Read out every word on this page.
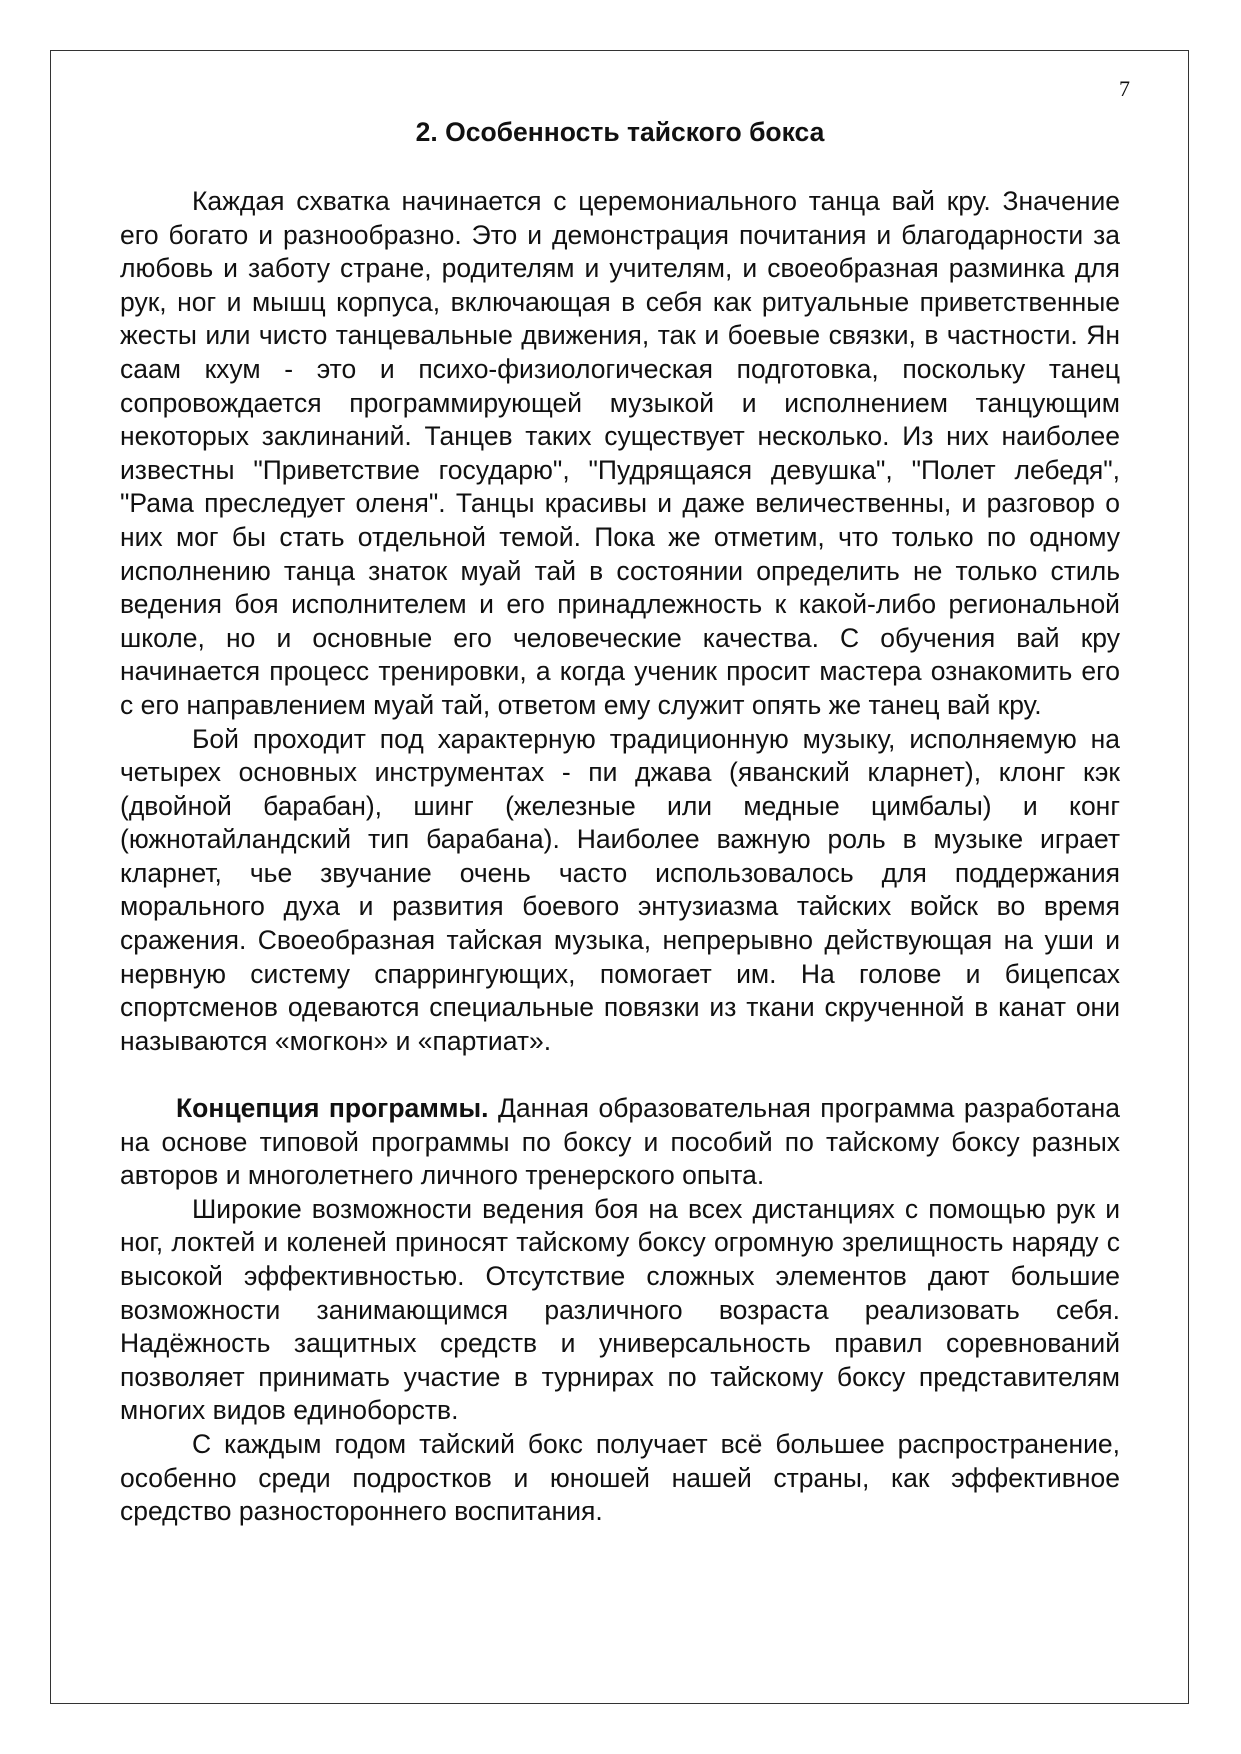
7
2. Особенность тайского бокса

Каждая схватка начинается с церемониального танца вай кру. Значение его богато и разнообразно. Это и демонстрация почитания и благодарности за любовь и заботу стране, родителям и учителям, и своеобразная разминка для рук, ног и мышц корпуса, включающая в себя как ритуальные приветственные жесты или чисто танцевальные движения, так и боевые связки, в частности. Ян саам кхум - это и психо-физиологическая подготовка, поскольку танец сопровождается программирующей музыкой и исполнением танцующим некоторых заклинаний. Танцев таких существует несколько. Из них наиболее известны "Приветствие государю", "Пудрящаяся девушка", "Полет лебедя", "Рама преследует оленя". Танцы красивы и даже величественны, и разговор о них мог бы стать отдельной темой. Пока же отметим, что только по одному исполнению танца знаток муай тай в состоянии определить не только стиль ведения боя исполнителем и его принадлежность к какой-либо региональной школе, но и основные его человеческие качества. С обучения вай кру начинается процесс тренировки, а когда ученик просит мастера ознакомить его с его направлением муай тай, ответом ему служит опять же танец вай кру.

Бой проходит под характерную традиционную музыку, исполняемую на четырех основных инструментах - пи джава (яванский кларнет), клонг кэк (двойной барабан), шинг (железные или медные цимбалы) и конг (южнотайландский тип барабана). Наиболее важную роль в музыке играет кларнет, чье звучание очень часто использовалось для поддержания морального духа и развития боевого энтузиазма тайских войск во время сражения. Своеобразная тайская музыка, непрерывно действующая на уши и нервную систему спаррингующих, помогает им. На голове и бицепсах спортсменов одеваются специальные повязки из ткани скрученной в канат они называются «могкон» и «партиат».

Концепция программы. Данная образовательная программа разработана на основе типовой программы по боксу и пособий по тайскому боксу разных авторов и многолетнего личного тренерского опыта.

Широкие возможности ведения боя на всех дистанциях с помощью рук и ног, локтей и коленей приносят тайскому боксу огромную зрелищность наряду с высокой эффективностью. Отсутствие сложных элементов дают большие возможности занимающимся различного возраста реализовать себя. Надёжность защитных средств и универсальность правил соревнований позволяет принимать участие в турнирах по тайскому боксу представителям многих видов единоборств.

С каждым годом тайский бокс получает всё большее распространение, особенно среди подростков и юношей нашей страны, как эффективное средство разностороннего воспитания.
